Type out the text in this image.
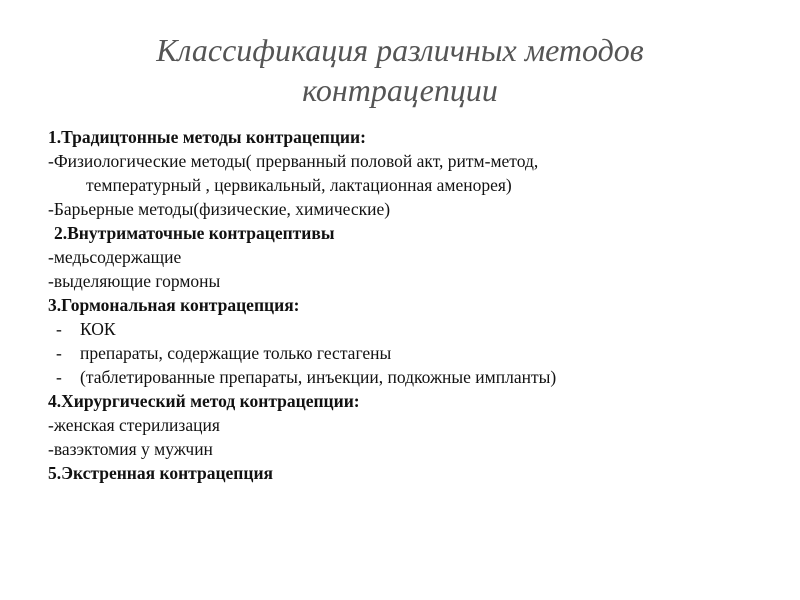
Классификация различных методов
контрацепции

1.Традицтонные методы контрацепции:

-Физиологические методы( прерванный половой акт, ритм-метод,

температурный , цервикальный, лактационная аменорея)

-Барьерные методы(физические, химические)

2.Внутриматочные контрацептивы

-медьсодержащие

-выделяющие гормоны

3.Гормональная контрацепция:

-	КОК
-	препараты, содержащие только гестагены
-	(таблетированные препараты, инъекции, подкожные импланты)

4.Хирургический метод контрацепции:

-женская стерилизация

-вазэктомия у мужчин

5.Экстренная контрацепция
